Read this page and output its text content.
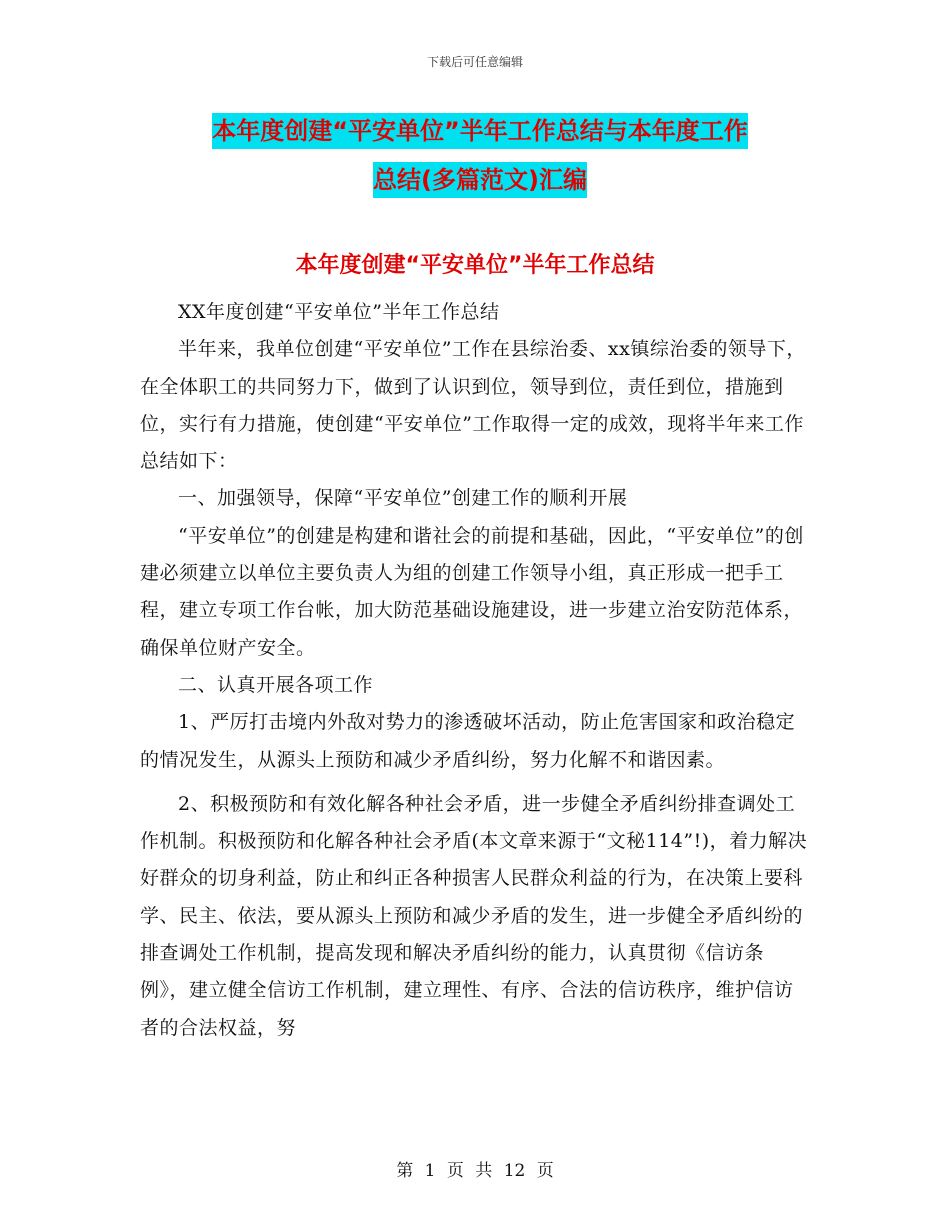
下载后可任意编辑
本年度创建“平安单位”半年工作总结与本年度工作
总结(多篇范文)汇编
本年度创建“平安单位”半年工作总结

XX年度创建“平安单位”半年工作总结

半年来，我单位创建“平安单位”工作在县综治委、xx镇综治委的领导下，在全体职工的共同努力下，做到了认识到位，领导到位，责任到位，措施到位，实行有力措施，使创建“平安单位”工作取得一定的成效，现将半年来工作总结如下：

一、加强领导，保障“平安单位”创建工作的顺利开展

“平安单位”的创建是构建和谐社会的前提和基础，因此，“平安单位”的创建必须建立以单位主要负责人为组的创建工作领导小组，真正形成一把手工程，建立专项工作台帐，加大防范基础设施建设，进一步建立治安防范体系，确保单位财产安全。

二、认真开展各项工作

1、严厉打击境内外敌对势力的渗透破坏活动，防止危害国家和政治稳定的情况发生，从源头上预防和减少矛盾纠纷，努力化解不和谐因素。

2、积极预防和有效化解各种社会矛盾，进一步健全矛盾纠纷排查调处工作机制。积极预防和化解各种社会矛盾(本文章来源于“文秘114”!)，着力解决好群众的切身利益，防止和纠正各种损害人民群众利益的行为，在决策上要科学、民主、依法，要从源头上预防和减少矛盾的发生，进一步健全矛盾纠纷的排查调处工作机制，提高发现和解决矛盾纠纷的能力，认真贯彻《信访条例》，建立健全信访工作机制，建立理性、有序、合法的信访秩序，维护信访者的合法权益，努

第 1 页 共 12 页
